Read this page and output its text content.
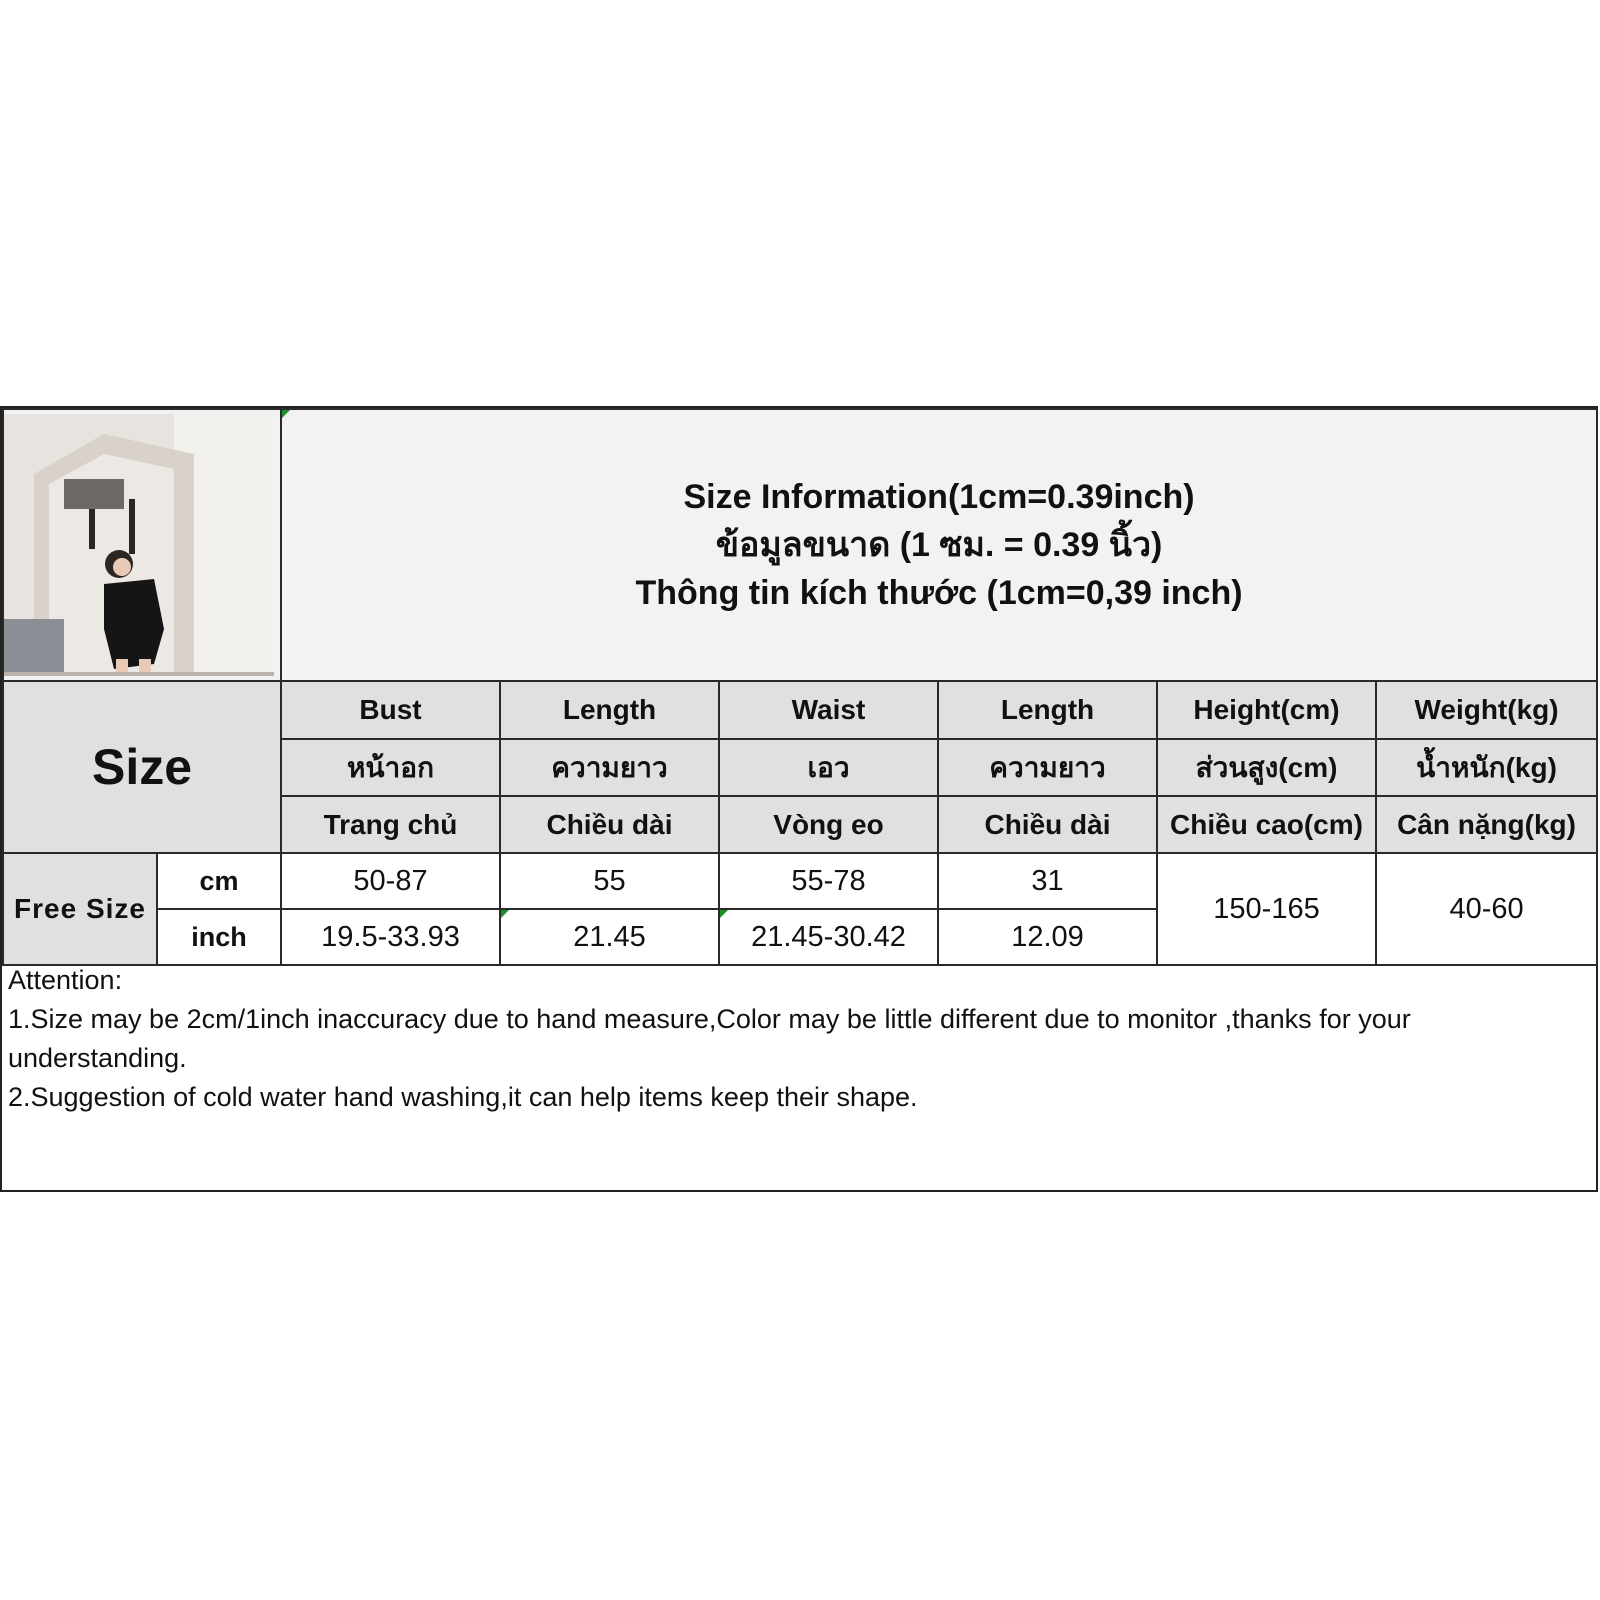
Size Information(1cm=0.39inch)
ข้อมูลขนาด (1 ซม. = 0.39 นิ้ว)
Thông tin kích thước (1cm=0,39 inch)					

Size		Bust	Length	Waist	Length	Height(cm)	Weight(kg)
		หน้าอก	ความยาว	เอว	ความยาว	ส่วนสูง(cm)	น้ำหนัก(kg)
		Trang chủ	Chiều dài	Vòng eo	Chiều dài	Chiều cao(cm)	Cân nặng(kg)
Free Size	cm	50-87	55	55-78	31	150-165	40-60
	inch	19.5-33.93	21.45	21.45-30.42	12.09		
Attention:
1.Size may be 2cm/1inch inaccuracy due to hand measure,Color may be little different due to monitor ,thanks for your understanding.
2.Suggestion of cold water hand washing,it can help items keep their shape.
